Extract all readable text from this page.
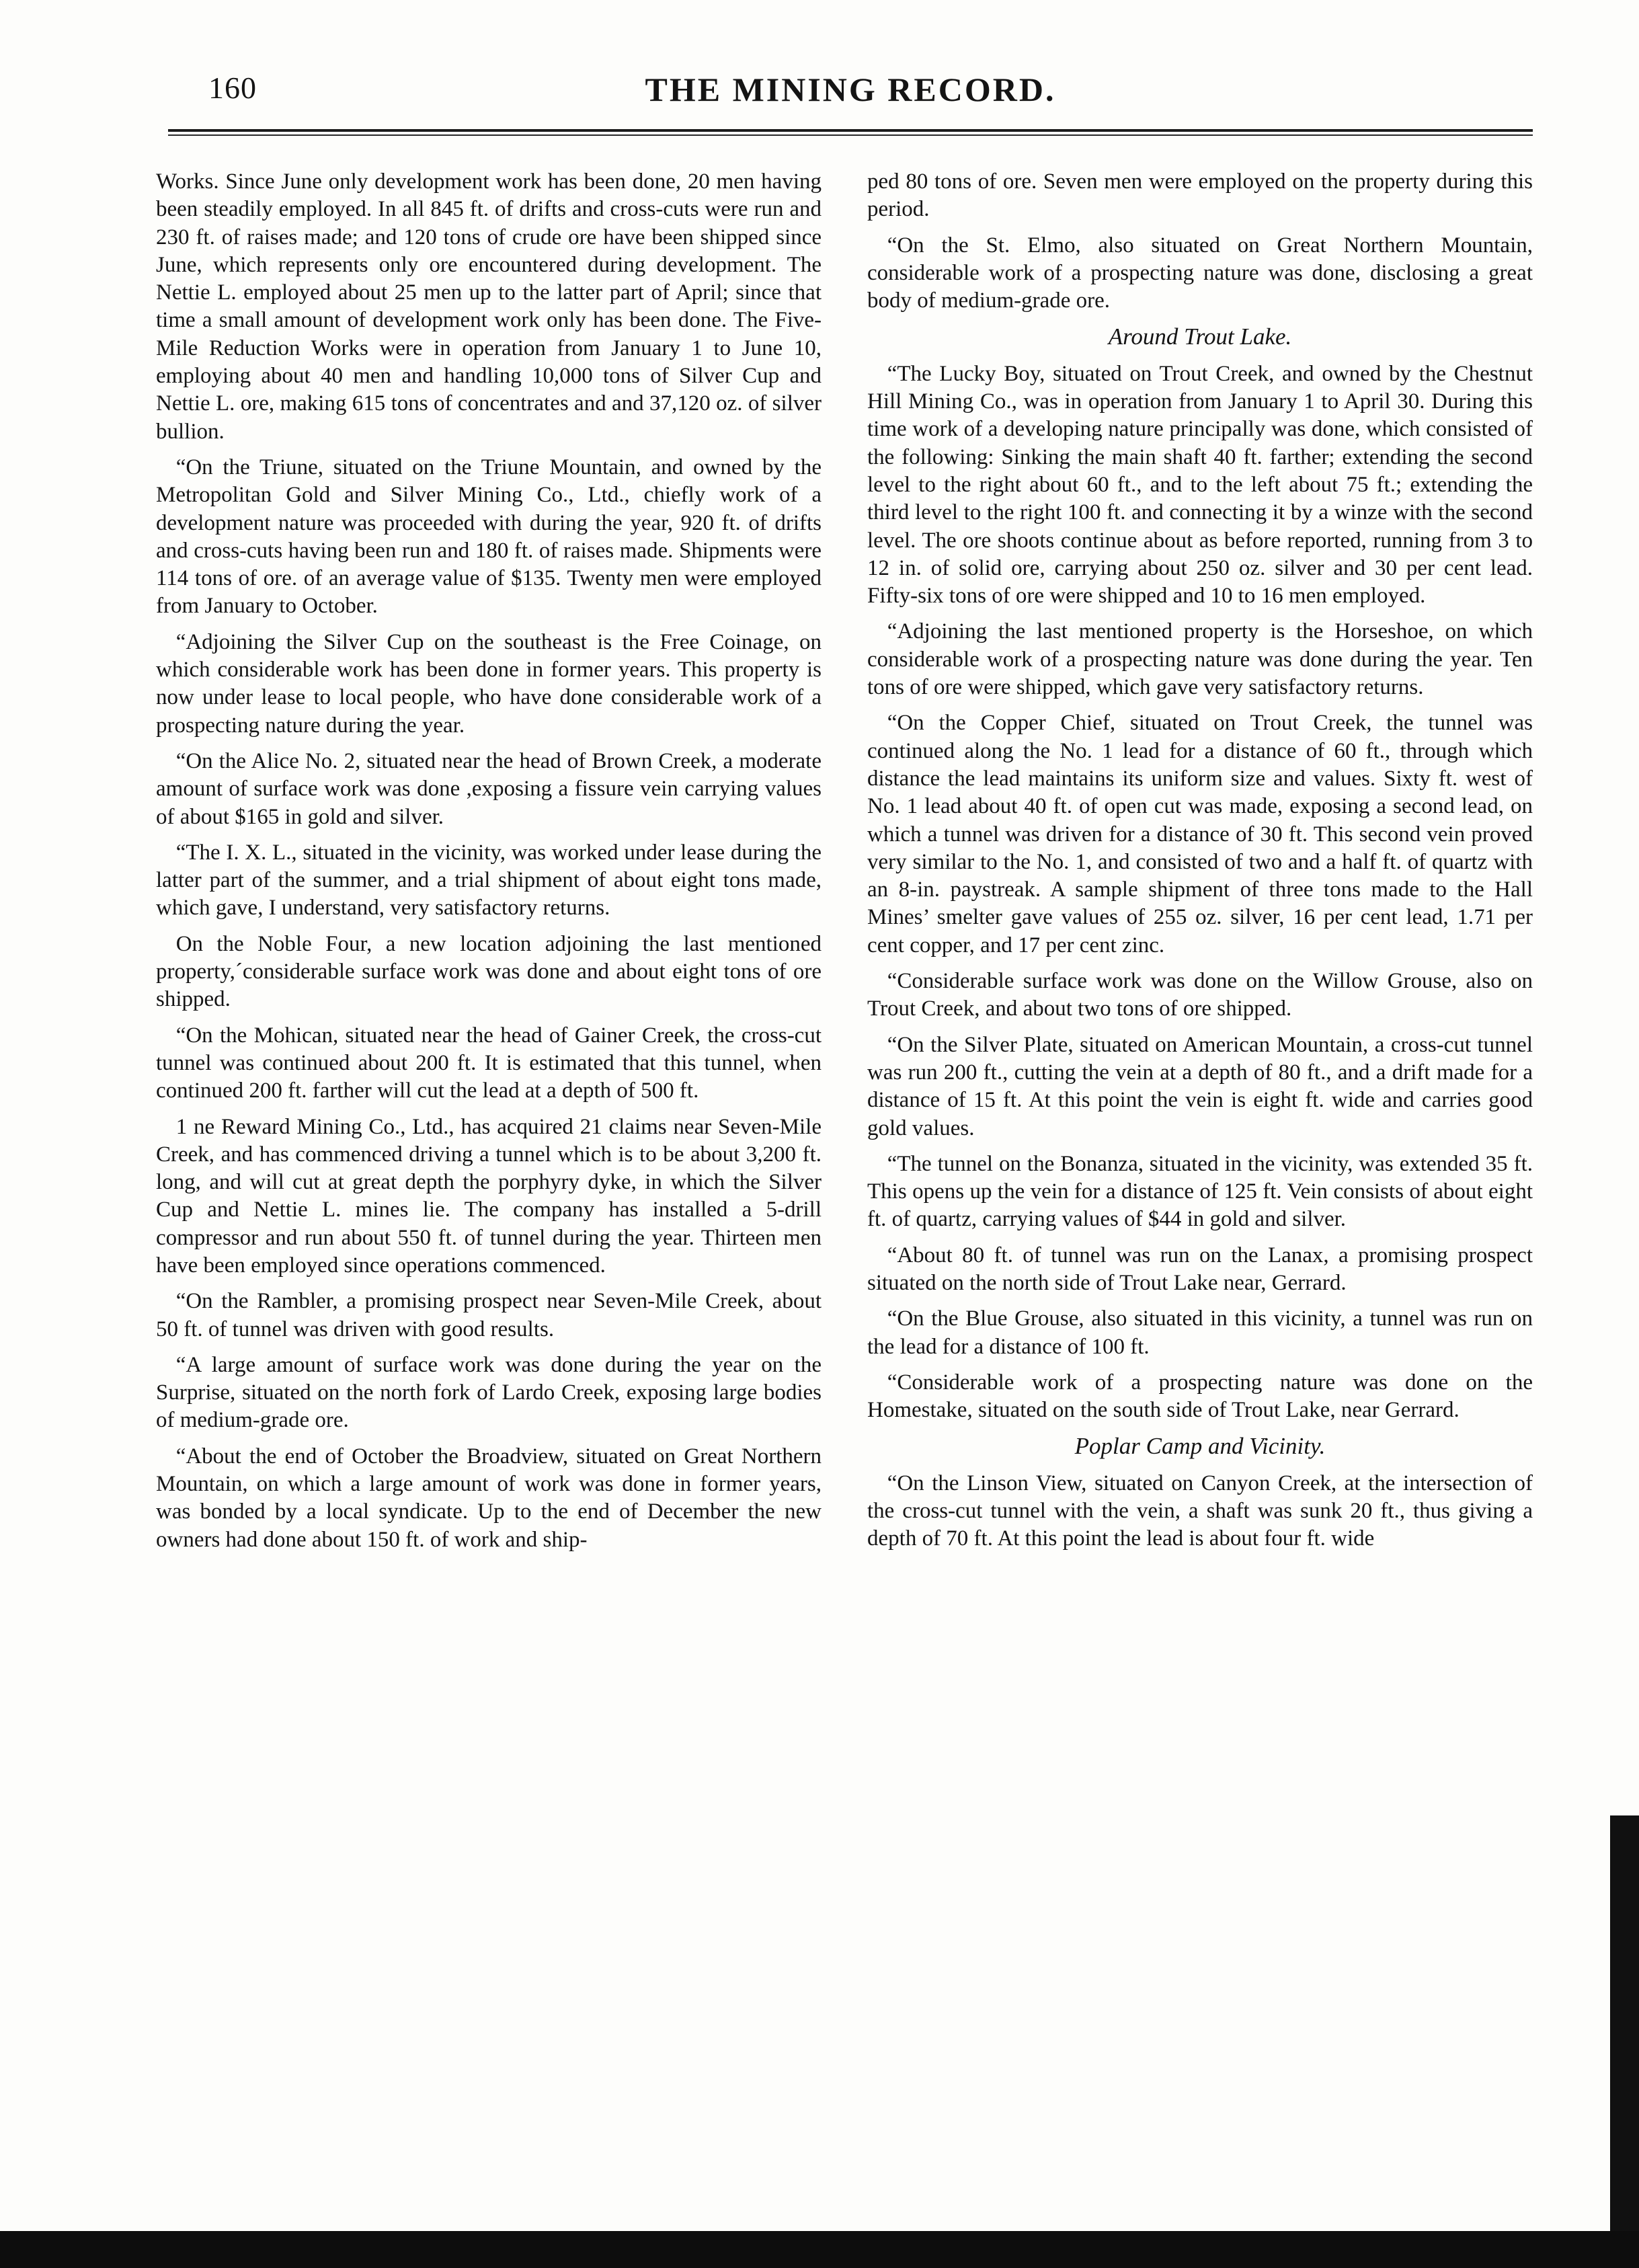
160	THE MINING RECORD.

Works. Since June only development work has been done, 20 men having been steadily employed. In all 845 ft. of drifts and cross-cuts were run and 230 ft. of raises made; and 120 tons of crude ore have been shipped since June, which represents only ore encountered during development. The Nettie L. employed about 25 men up to the latter part of April; since that time a small amount of development work only has been done. The Five-Mile Reduction Works were in operation from January 1 to June 10, employing about 40 men and handling 10,000 tons of Silver Cup and Nettie L. ore, making 615 tons of concentrates and and 37,120 oz. of silver bullion.

“On the Triune, situated on the Triune Mountain, and owned by the Metropolitan Gold and Silver Mining Co., Ltd., chiefly work of a development nature was proceeded with during the year, 920 ft. of drifts and cross-cuts having been run and 180 ft. of raises made. Shipments were 114 tons of ore. of an average value of $135. Twenty men were employed from January to October.

“Adjoining the Silver Cup on the southeast is the Free Coinage, on which considerable work has been done in former years. This property is now under lease to local people, who have done considerable work of a prospecting nature during the year.

“On the Alice No. 2, situated near the head of Brown Creek, a moderate amount of surface work was done ,exposing a fissure vein carrying values of about $165 in gold and silver.

“The I. X. L., situated in the vicinity, was worked under lease during the latter part of the summer, and a trial shipment of about eight tons made, which gave, I understand, very satisfactory returns.

On the Noble Four, a new location adjoining the last mentioned property,´considerable surface work was done and about eight tons of ore shipped.

“On the Mohican, situated near the head of Gainer Creek, the cross-cut tunnel was continued about 200 ft. It is estimated that this tunnel, when continued 200 ft. farther will cut the lead at a depth of 500 ft.

1 ne Reward Mining Co., Ltd., has acquired 21 claims near Seven-Mile Creek, and has commenced driving a tunnel which is to be about 3,200 ft. long, and will cut at great depth the porphyry dyke, in which the Silver Cup and Nettie L. mines lie. The company has installed a 5-drill compressor and run about 550 ft. of tunnel during the year. Thirteen men have been employed since operations commenced.

“On the Rambler, a promising prospect near Seven-Mile Creek, about 50 ft. of tunnel was driven with good results.

“A large amount of surface work was done during the year on the Surprise, situated on the north fork of Lardo Creek, exposing large bodies of medium-grade ore.

“About the end of October the Broadview, situated on Great Northern Mountain, on which a large amount of work was done in former years, was bonded by a local syndicate. Up to the end of December the new owners had done about 150 ft. of work and ship-

ped 80 tons of ore. Seven men were employed on the property during this period.

“On the St. Elmo, also situated on Great Northern Mountain, considerable work of a prospecting nature was done, disclosing a great body of medium-grade ore.

Around Trout Lake.

“The Lucky Boy, situated on Trout Creek, and owned by the Chestnut Hill Mining Co., was in operation from January 1 to April 30. During this time work of a developing nature principally was done, which consisted of the following: Sinking the main shaft 40 ft. farther; extending the second level to the right about 60 ft., and to the left about 75 ft.; extending the third level to the right 100 ft. and connecting it by a winze with the second level. The ore shoots continue about as before reported, running from 3 to 12 in. of solid ore, carrying about 250 oz. silver and 30 per cent lead. Fifty-six tons of ore were shipped and 10 to 16 men employed.

“Adjoining the last mentioned property is the Horseshoe, on which considerable work of a prospecting nature was done during the year. Ten tons of ore were shipped, which gave very satisfactory returns.

“On the Copper Chief, situated on Trout Creek, the tunnel was continued along the No. 1 lead for a distance of 60 ft., through which distance the lead maintains its uniform size and values. Sixty ft. west of No. 1 lead about 40 ft. of open cut was made, exposing a second lead, on which a tunnel was driven for a distance of 30 ft. This second vein proved very similar to the No. 1, and consisted of two and a half ft. of quartz with an 8-in. paystreak. A sample shipment of three tons made to the Hall Mines’ smelter gave values of 255 oz. silver, 16 per cent lead, 1.71 per cent copper, and 17 per cent zinc.

“Considerable surface work was done on the Willow Grouse, also on Trout Creek, and about two tons of ore shipped.

“On the Silver Plate, situated on American Mountain, a cross-cut tunnel was run 200 ft., cutting the vein at a depth of 80 ft., and a drift made for a distance of 15 ft. At this point the vein is eight ft. wide and carries good gold values.

“The tunnel on the Bonanza, situated in the vicinity, was extended 35 ft. This opens up the vein for a distance of 125 ft. Vein consists of about eight ft. of quartz, carrying values of $44 in gold and silver.

“About 80 ft. of tunnel was run on the Lanax, a promising prospect situated on the north side of Trout Lake near, Gerrard.

“On the Blue Grouse, also situated in this vicinity, a tunnel was run on the lead for a distance of 100 ft.

“Considerable work of a prospecting nature was done on the Homestake, situated on the south side of Trout Lake, near Gerrard.

Poplar Camp and Vicinity.

“On the Linson View, situated on Canyon Creek, at the intersection of the cross-cut tunnel with the vein, a shaft was sunk 20 ft., thus giving a depth of 70 ft. At this point the lead is about four ft. wide
